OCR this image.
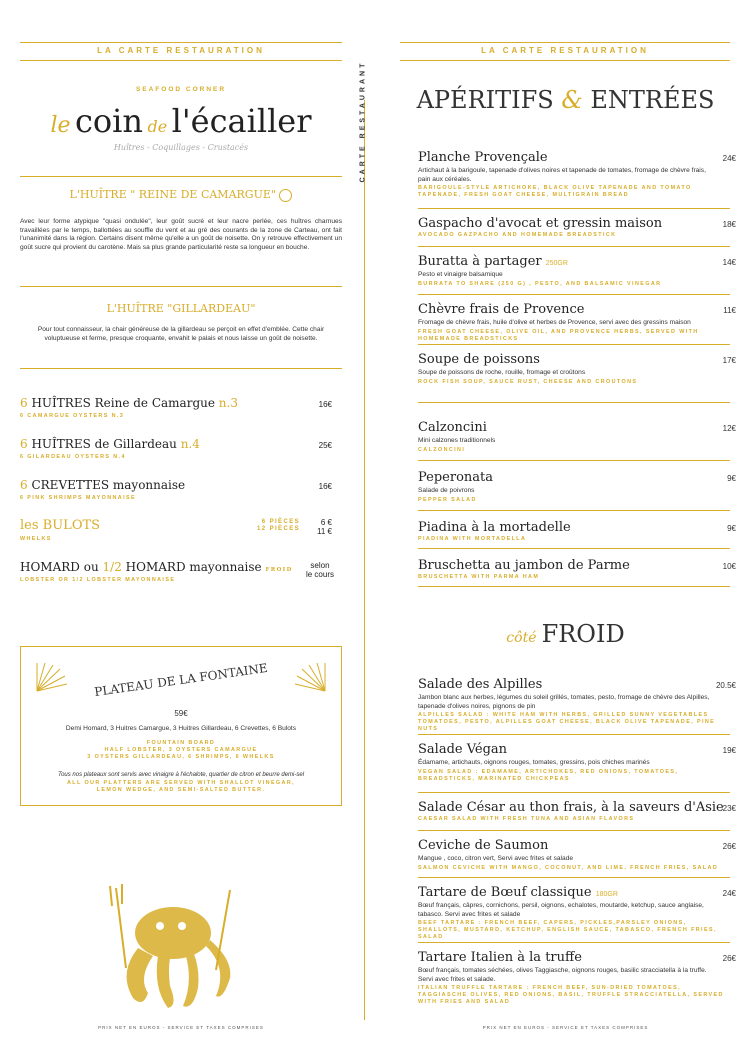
LA CARTE RESTAURATION
SEAFOOD CORNER
le coin de l'écailler
Huîtres - Coquillages - Crustacés
L'HUÎTRE " REINE DE CAMARGUE"
Avec leur forme atypique "quasi ondulée", leur goût sucré et leur nacre perlée, ces huîtres charnues travaillées par le temps, ballottées au souffle du vent et au gré des courants de la zone de Carteau, ont fait l'unanimité dans la région. Certains disent même qu'elle a un goût de noisette. On y retrouve effectivement un goût sucre qui provient du carotène. Mais sa plus grande particularité reste sa longueur en bouche.
L'HUÎTRE "GILLARDEAU"
Pour tout connaisseur, la chair généreuse de la gillardeau se perçoit en effet d'emblée. Cette chair voluptueuse et ferme, presque croquante, envahit le palais et nous laisse un goût de noisette.
6 HUÎTRES Reine de Camargue n.3
6 CAMARGUE OYSTERS N.3
16€
6 HUÎTRES de Gillardeau n.4
6 GILARDEAU OYSTERS N.4
25€
6 CREVETTES mayonnaise
6 PINK SHRIMPS MAYONNAISE
16€
les BULOTS
WHELKS
6 PIÈCES
12 PIÈCES
6 €
11 €
HOMARD ou 1/2 HOMARD mayonnaise FROID
LOBSTER OR 1/2 LOBSTER MAYONNAISE
selon
le cours
PLATEAU DE LA FONTAINE
59€
Demi Homard, 3 Huitres Camargue, 3 Huitres Gillardeau, 6 Crevettes, 6 Bulots
FOUNTAIN BOARD
HALF LOBSTER, 3 OYSTERS CAMARGUE
3 OYSTERS GILLARDEAU, 6 SHRIMPS, 6 WHELKS
Tous nos plateaux sont servis avec vinaigre à l'échalote, quartier de citron et beurre demi-sel
ALL OUR PLATTERS ARE SERVED WITH SHALLOT VINEGAR,
LEMON WEDGE, AND SEMI-SALTED BUTTER.
PRIX NET EN EUROS - SERVICE ET TAXES COMPRISES
CARTE RESTAURANT
LA CARTE RESTAURATION
APÉRITIFS & ENTRÉES
Planche Provençale
Artichaut à la barigoule, tapenade d'olives noires et tapenade de tomates, fromage de chèvre frais, pain aux céréales.
BARIGOULE-STYLE ARTICHOKE, BLACK OLIVE TAPENADE AND TOMATO TAPENADE, FRESH GOAT CHEESE, MULTIGRAIN BREAD
24€
Gaspacho d'avocat et gressin maison
AVOCADO GAZPACHO AND HOMEMADE BREADSTICK
18€
Buratta à partager 250GR
Pesto et vinaigre balsamique
BURRATA TO SHARE (250 G) , PESTO, AND BALSAMIC VINEGAR
14€
Chèvre frais de Provence
Fromage de chèvre frais, huile d'olive et herbes de Provence, servi avec des gressins maison
FRESH GOAT CHEESE, OLIVE OIL, AND PROVENCE HERBS, SERVED WITH HOMEMADE BREADSTICKS
11€
Soupe de poissons
Soupe de poissons de roche, rouille, fromage et croûtons
ROCK FISH SOUP, SAUCE RUST, CHEESE AND CROUTONS
17€
Calzoncini
Mini calzones traditionnels
CALZONCINI
12€
Peperonata
Salade de poivrons
PEPPER SALAD
9€
Piadina à la mortadelle
PIADINA WITH MORTADELLA
9€
Bruschetta au jambon de Parme
BRUSCHETTA WITH PARMA HAM
10€
côté FROID
Salade des Alpilles
Jambon blanc aux herbes, légumes du soleil grillés, tomates, pesto, fromage de chèvre des Alpilles, tapenade d'olives noires, pignons de pin
ALPILLES SALAD : WHITE HAM WITH HERBS, GRILLED SUNNY VEGETABLES TOMATOES, PESTO, ALPILLES GOAT CHEESE, BLACK OLIVE TAPENADE, PINE NUTS
20.5€
Salade Végan
Édamame, artichauts, oignons rouges, tomates, gressins, pois chiches marinés
VEGAN SALAD : EDAMAME, ARTICHOKES, RED ONIONS, TOMATOES, BREADSTICKS, MARINATED CHICKPEAS
19€
Salade César au thon frais, à la saveurs d'Asie
CAESAR SALAD WITH FRESH TUNA AND ASIAN FLAVORS
23€
Ceviche de Saumon
Mangue , coco, citron vert, Servi avec frites et salade
SALMON CEVICHE WITH MANGO, COCONUT, AND LIME, FRENCH FRIES, SALAD
26€
Tartare de Bœuf classique 180GR
Bœuf français, câpres, cornichons, persil, oignons, echalotes, moutarde, ketchup, sauce anglaise, tabasco. Servi avec frites et salade
BEEF TARTARE : FRENCH BEEF, CAPERS, PICKLES,PARSLEY ONIONS, SHALLOTS, MUSTARD, KETCHUP, ENGLISH SAUCE, TABASCO, FRENCH FRIES, SALAD
24€
Tartare Italien à la truffe
Bœuf français, tomates séchées, olives Taggiasche, oignons rouges, basilic stracciatella à la truffe. Servi avec frites et salade.
ITALIAN TRUFFLE TARTARE : FRENCH BEEF, SUN-DRIED TOMATOES, TAGGIASCHE OLIVES, RED ONIONS, BASIL, TRUFFLE STRACCIATELLA, SERVED WITH FRIES AND SALAD
26€
PRIX NET EN EUROS - SERVICE ET TAXES COMPRISES
